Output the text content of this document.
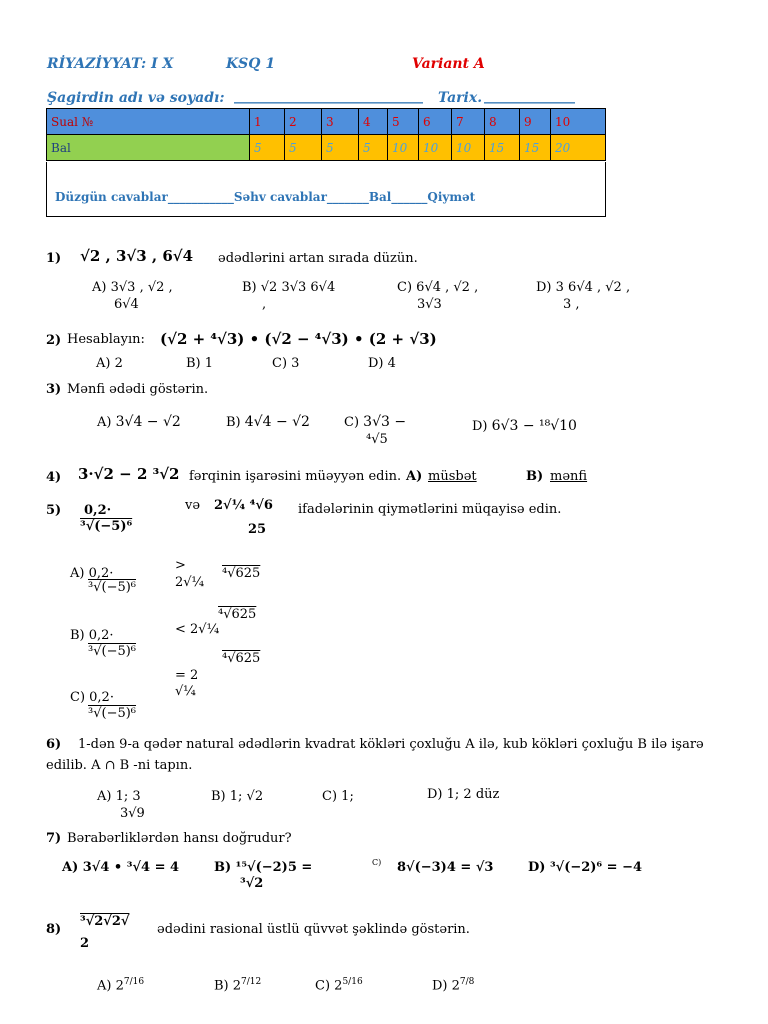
RİYAZİYYAT: I X	KSQ 1	Variant A
Şagirdin adı və soyadı: ___________________________ Tarix. _____________
Sual №	1	2	3	4	5	6	7	8	9	10
Bal	5	5	5	5	10	10	10	15	15	20
Düzgün cavablar___________Səhv cavablar_______Bal______Qiymət
1) √2 , 3√3 , 6√4 ədədlərini artan sırada düzün.
A) 3√3 , √2 ,
6√4
B) √2 3√3 6√4
,
C) 6√4 , √2 ,
3√3
D) 3 6√4 , √2 ,
3 ,
2) Hesablayın: (√2 + ⁴√3) • (√2 − ⁴√3) • (2 + √3)
A) 2	B) 1	C) 3	D) 4
3) Mənfi ədədi göstərin.
A) 3√4 − √2	B) 4√4 − √2	C) 3√3 −
⁴√5
D) 6√3 − ¹⁸√10
4) 3·√2 − 2 ³√2 fərqinin işarəsini müəyyən edin. A) müsbət	B) mənfi
5) 0,2·
³√(−5)⁶
və 2√¼ ⁴√6
25
ifadələrinin qiymətlərini müqayisə edin.
A) 0,2·
³√(−5)⁶
>
2√¼
⁴√625
B) 0,2·
³√(−5)⁶
< 2√¼
⁴√625
C) 0,2·
³√(−5)⁶
= 2
√¼
⁴√625
6) 1-dən 9-a qədər natural ədədlərin kvadrat kökləri çoxluğu A ilə, kub kökləri çoxluğu B ilə işarə
edilib. A ∩ B -ni tapın.
A) 1; 3
3√9
B) 1; √2	C) 1;	D) 1; 2 düz
7) Bərabərliklərdən hansı doğrudur?
A) 3√4 • ³√4 = 4	B) ¹⁵√(−2)5 =
³√2
C) 8√(−3)4 = √3	D) ³√(−2)⁶ = −4
8)
³√2√2√
2
ədədini rasional üstlü qüvvət şəklində göstərin.
A) $2^{7/16}$	B) $2^{7/12}$	C) $2^{5/16}$	D) $2^{7/8}$
